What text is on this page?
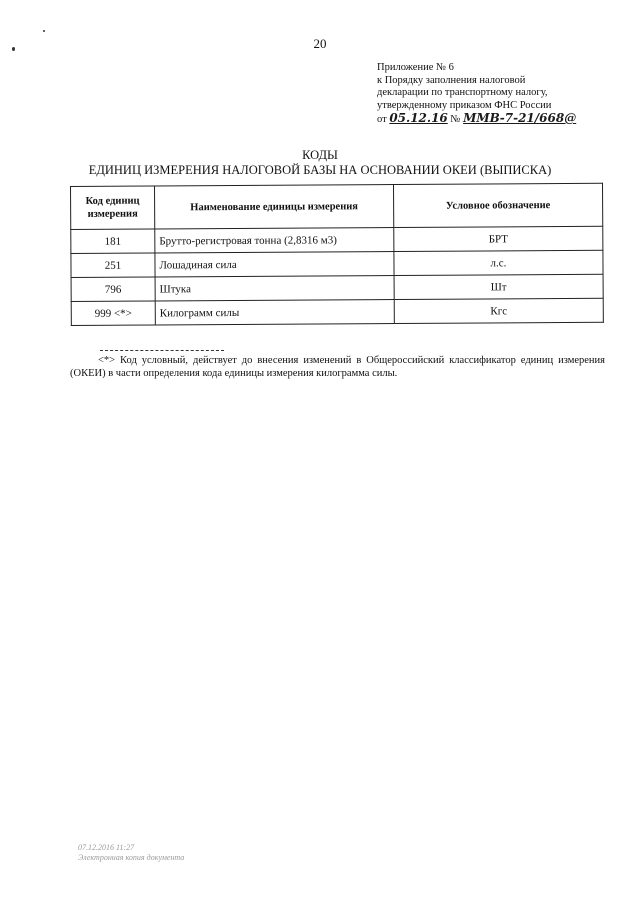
20
Приложение № 6
к Порядку заполнения налоговой
декларации по транспортному налогу,
утвержденному приказом ФНС России
от 05.12.16 № ММВ-7-21/668@
КОДЫ
ЕДИНИЦ ИЗМЕРЕНИЯ НАЛОГОВОЙ БАЗЫ НА ОСНОВАНИИ ОКЕИ (ВЫПИСКА)
Код единиц измерения	Наименование единицы измерения	Условное обозначение
181	Брутто-регистровая тонна (2,8316 м3)	БРТ
251	Лошадиная сила	л.с.
796	Штука	Шт
999 <*>	Килограмм силы	Кгс
<*> Код условный, действует до внесения изменений в Общероссийский классификатор единиц измерения (ОКЕИ) в части определения кода единицы измерения килограмма силы.
07.12.2016 11:27
Электронная копия документа
